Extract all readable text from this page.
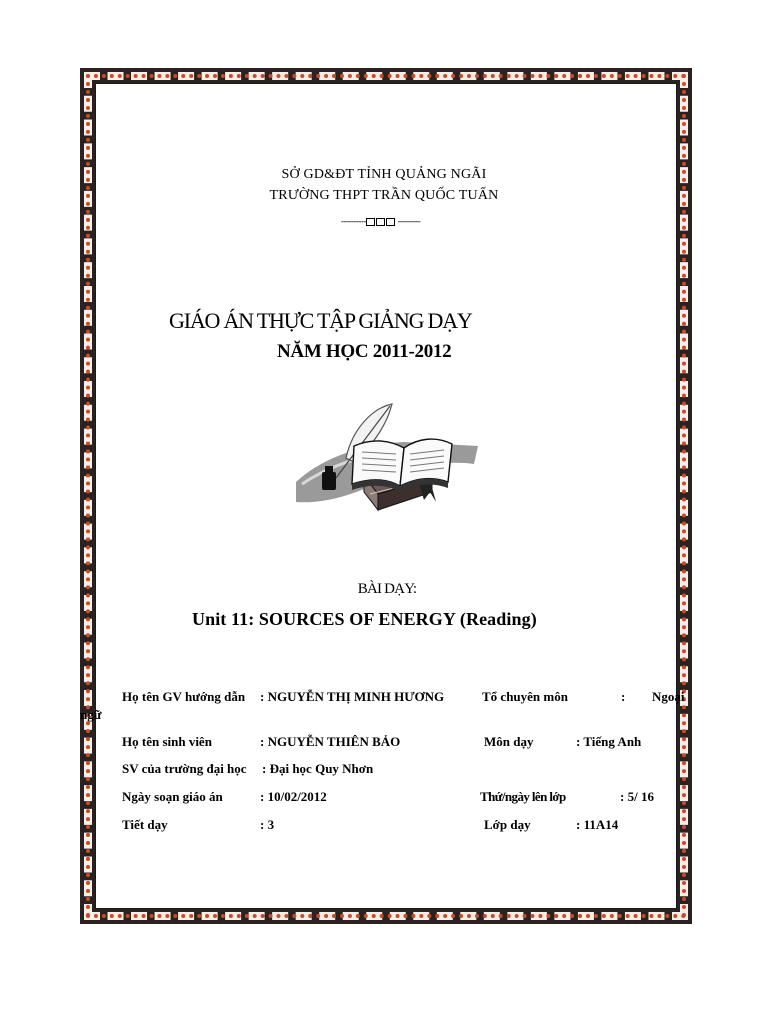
SỞ GD&ĐT TỈNH QUẢNG NGÃI
TRƯỜNG THPT TRẦN QUỐC TUẤN
----------	---------
GIÁO ÁN THỰC TẬP GIẢNG DẠY
NĂM HỌC 2011-2012
BÀI DẠY:
Unit 11: SOURCES OF ENERGY (Reading)
Họ tên GV hướng dẫn : NGUYỄN THỊ MINH HƯƠNG	Tổ chuyên môn	: Ngoại
ngữ
Họ tên sinh viên	: NGUYỄN THIÊN BẢO	Môn dạy	: Tiếng Anh
SV của trường đại học : Đại học Quy Nhơn
Ngày soạn giáo án	: 10/02/2012	Thứ/ngày lên lớp	: 5/ 16
Tiết dạy	: 3	Lớp dạy	: 11A14
